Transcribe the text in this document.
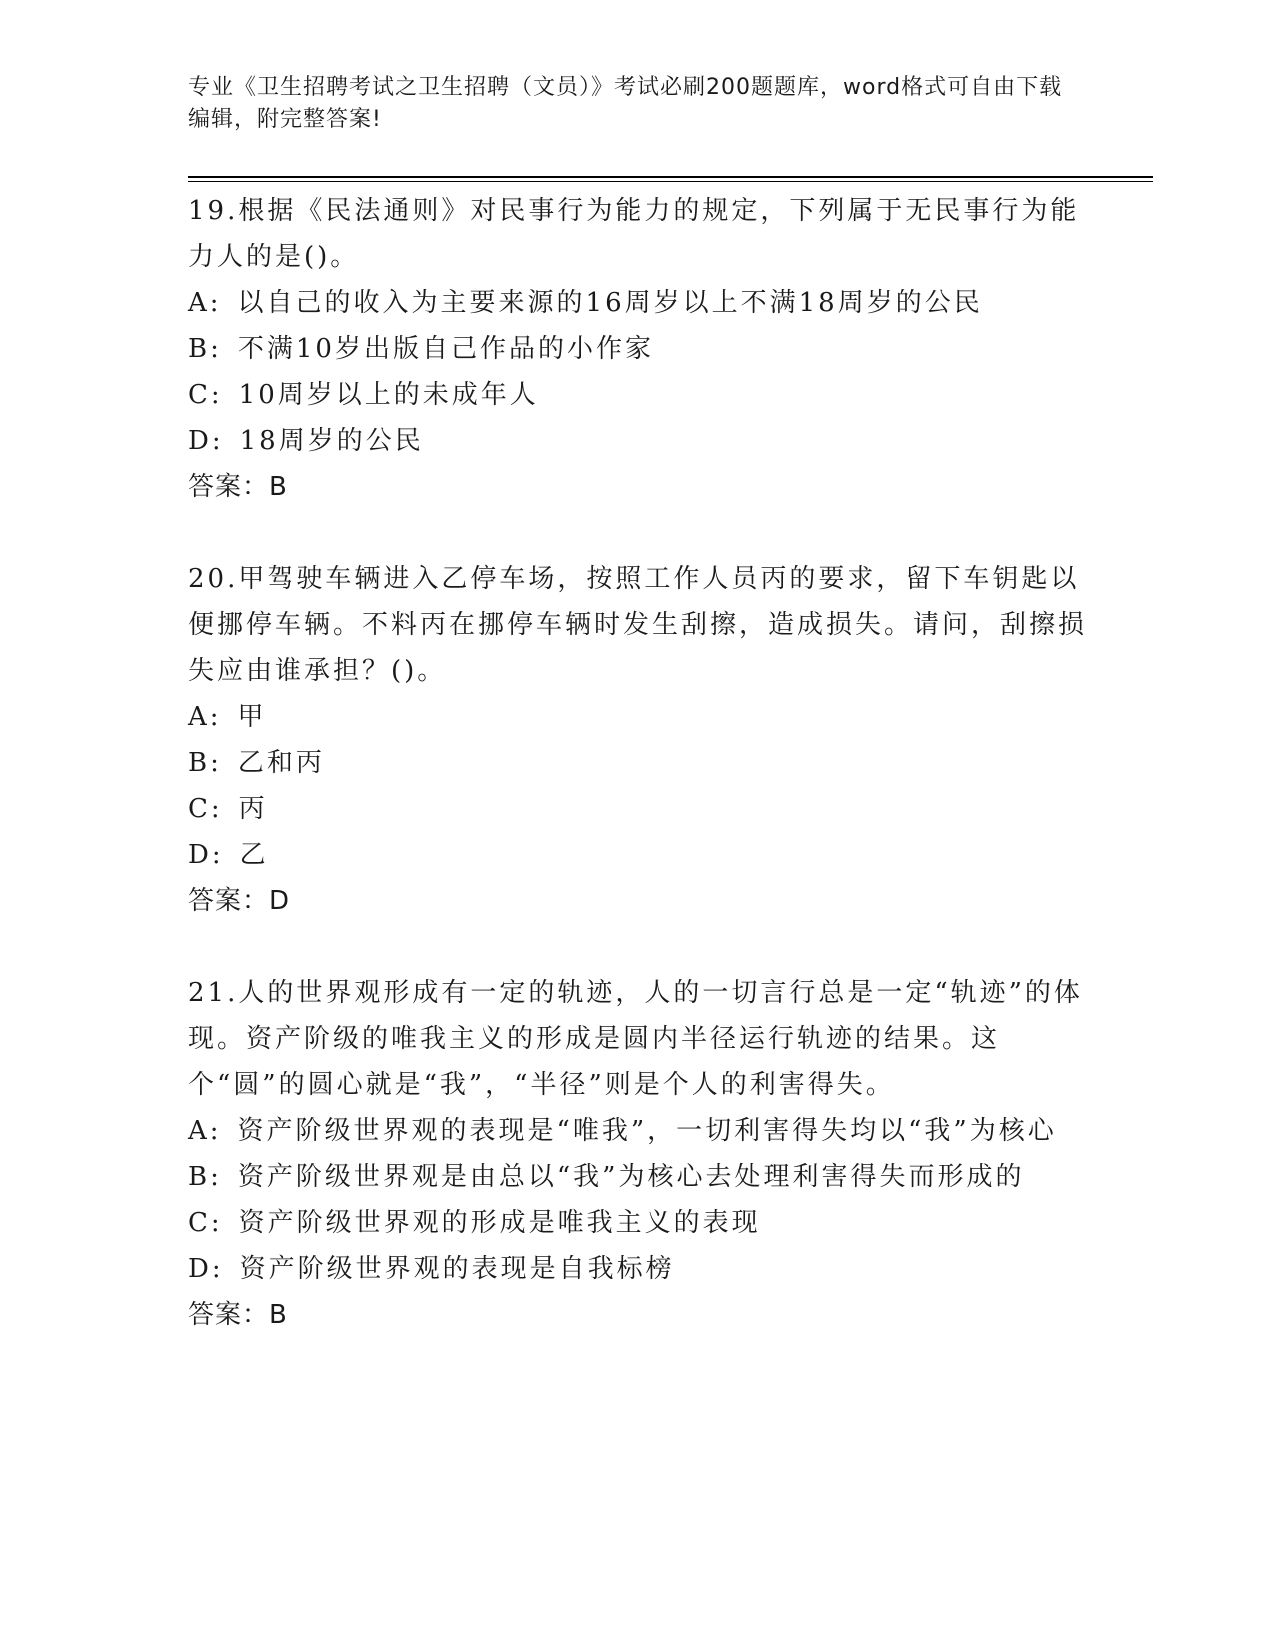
专业《卫生招聘考试之卫生招聘（文员）》考试必刷200题题库，word格式可自由下载编辑，附完整答案!

19.根据《民法通则》对民事行为能力的规定，下列属于无民事行为能力人的是()。

A: 以自己的收入为主要来源的16周岁以上不满18周岁的公民

B: 不满10岁出版自己作品的小作家

C: 10周岁以上的未成年人

D: 18周岁的公民

答案：B

20.甲驾驶车辆进入乙停车场，按照工作人员丙的要求，留下车钥匙以便挪停车辆。不料丙在挪停车辆时发生刮擦，造成损失。请问，刮擦损失应由谁承担？()。

A: 甲

B: 乙和丙

C: 丙

D: 乙

答案：D

21.人的世界观形成有一定的轨迹，人的一切言行总是一定“轨迹”的体现。资产阶级的唯我主义的形成是圆内半径运行轨迹的结果。这个“圆”的圆心就是“我”，“半径”则是个人的利害得失。

A: 资产阶级世界观的表现是“唯我”，一切利害得失均以“我”为核心

B: 资产阶级世界观是由总以“我”为核心去处理利害得失而形成的

C: 资产阶级世界观的形成是唯我主义的表现

D: 资产阶级世界观的表现是自我标榜

答案：B
